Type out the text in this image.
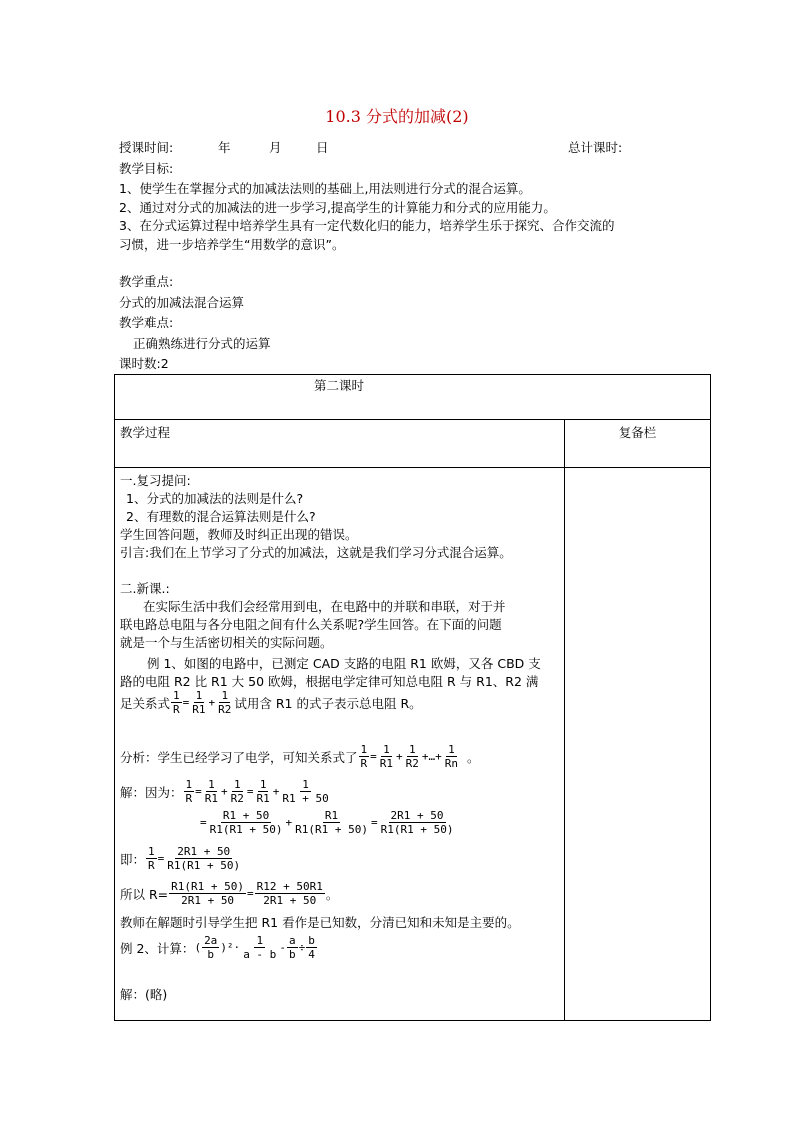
10.3 分式的加减(2)
授课时间:	年	月	日	总计课时:
教学目标:
1、使学生在掌握分式的加减法法则的基础上,用法则进行分式的混合运算。
2、通过对分式的加减法的进一步学习,提高学生的计算能力和分式的应用能力。
3、在分式运算过程中培养学生具有一定代数化归的能力，培养学生乐于探究、合作交流的
习惯，进一步培养学生“用数学的意识”。
教学重点:
分式的加减法混合运算
教学难点:
正确熟练进行分式的运算
课时数:2
第二课时
教学过程	复备栏
一.复习提问:
1、分式的加减法的法则是什么?
2、有理数的混合运算法则是什么?
学生回答问题，教师及时纠正出现的错误。
引言:我们在上节学习了分式的加减法，这就是我们学习分式混合运算。
二.新课.:
在实际生活中我们会经常用到电，在电路中的并联和串联，对于并
联电路总电阻与各分电阻之间有什么关系呢?学生回答。在下面的问题
就是一个与生活密切相关的实际问题。
例 1、如图的电路中，已测定 CAD 支路的电阻 R1 欧姆，又各 CBD 支
路的电阻 R2 比 R1 大 50 欧姆，根据电学定律可知总电阻 R 与 R1、R2 满
足关系式 $\frac{1}{R} = \frac{1}{R1} + \frac{1}{R2}$ 试用含 R1 的式子表示总电阻 R。
分析：学生已经学习了电学，可知关系式了 $\frac{1}{R} = \frac{1}{R1} + \frac{1}{R2}$ +…+ $\frac{1}{Rn}$ 。
解：因为： $\frac{1}{R} = \frac{1}{R1} + \frac{1}{R2} = \frac{1}{R1} + \frac{1}{R1 + 50}$
= $\frac{R1 + 50}{R1(R1 + 50)} + \frac{R1}{R1(R1 + 50)} = \frac{2R1 + 50}{R1(R1 + 50)}$
即： $\frac{1}{R} = \frac{2R1 + 50}{R1(R1 + 50)}$
所以 $R= \frac{R1(R1 + 50)}{2R1 + 50} = \frac{R12 + 50R1}{2R1 + 50}$ 。
教师在解题时引导学生把 R1 看作是已知数，分清已知和未知是主要的。
例 2、计算： ( $\frac{2a}{b} )^2\cdot \frac{1}{a - b} - \frac{a}{b} \div \frac{b}{4}$
解：(略)
